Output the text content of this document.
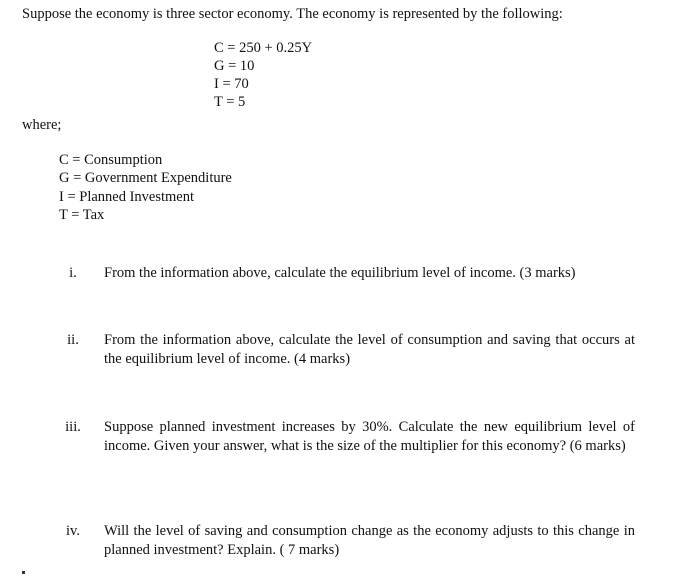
Suppose the economy is three sector economy. The economy is represented by the following:
C = 250 + 0.25Y
G = 10
I = 70
T = 5
where;
C = Consumption
G = Government Expenditure
I = Planned Investment
T = Tax
i.	From the information above, calculate the equilibrium level of income. (3 marks)
ii.	From the information above, calculate the level of consumption and saving that occurs at the equilibrium level of income. (4 marks)
iii.	Suppose planned investment increases by 30%. Calculate the new equilibrium level of income. Given your answer, what is the size of the multiplier for this economy? (6 marks)
iv.	Will the level of saving and consumption change as the economy adjusts to this change in planned investment? Explain. ( 7 marks)
